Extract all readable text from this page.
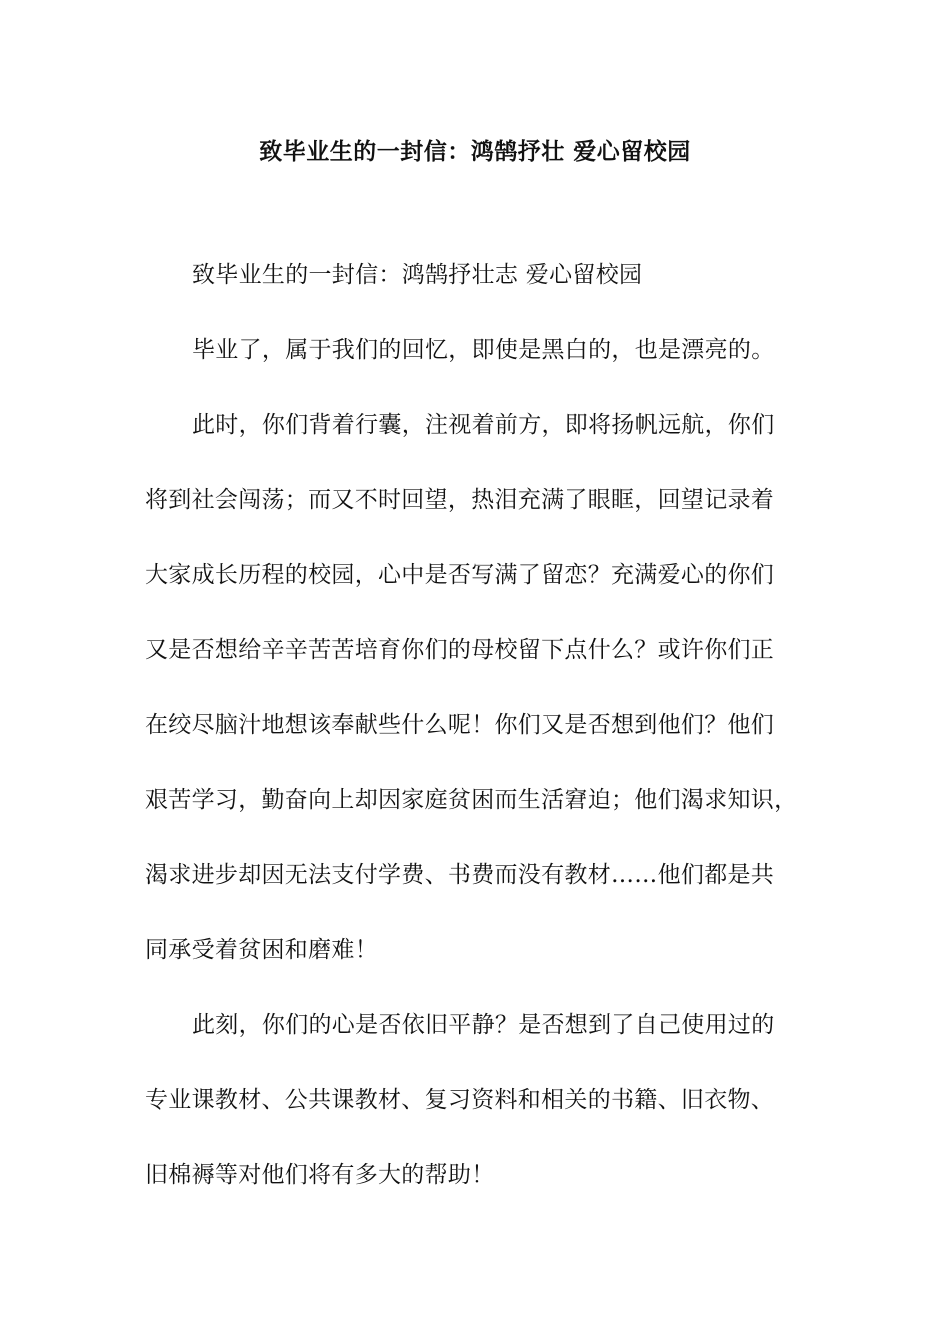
致毕业生的一封信：鸿鹄抒壮 爱心留校园
致毕业生的一封信：鸿鹄抒壮志 爱心留校园
毕业了，属于我们的回忆，即使是黑白的，也是漂亮的。
此时，你们背着行囊，注视着前方，即将扬帆远航，你们
将到社会闯荡；而又不时回望，热泪充满了眼眶，回望记录着
大家成长历程的校园，心中是否写满了留恋？充满爱心的你们
又是否想给辛辛苦苦培育你们的母校留下点什么？或许你们正
在绞尽脑汁地想该奉献些什么呢！你们又是否想到他们？他们
艰苦学习，勤奋向上却因家庭贫困而生活窘迫；他们渴求知识，
渴求进步却因无法支付学费、书费而没有教材……他们都是共
同承受着贫困和磨难！
此刻，你们的心是否依旧平静？是否想到了自己使用过的
专业课教材、公共课教材、复习资料和相关的书籍、旧衣物、
旧棉褥等对他们将有多大的帮助！
